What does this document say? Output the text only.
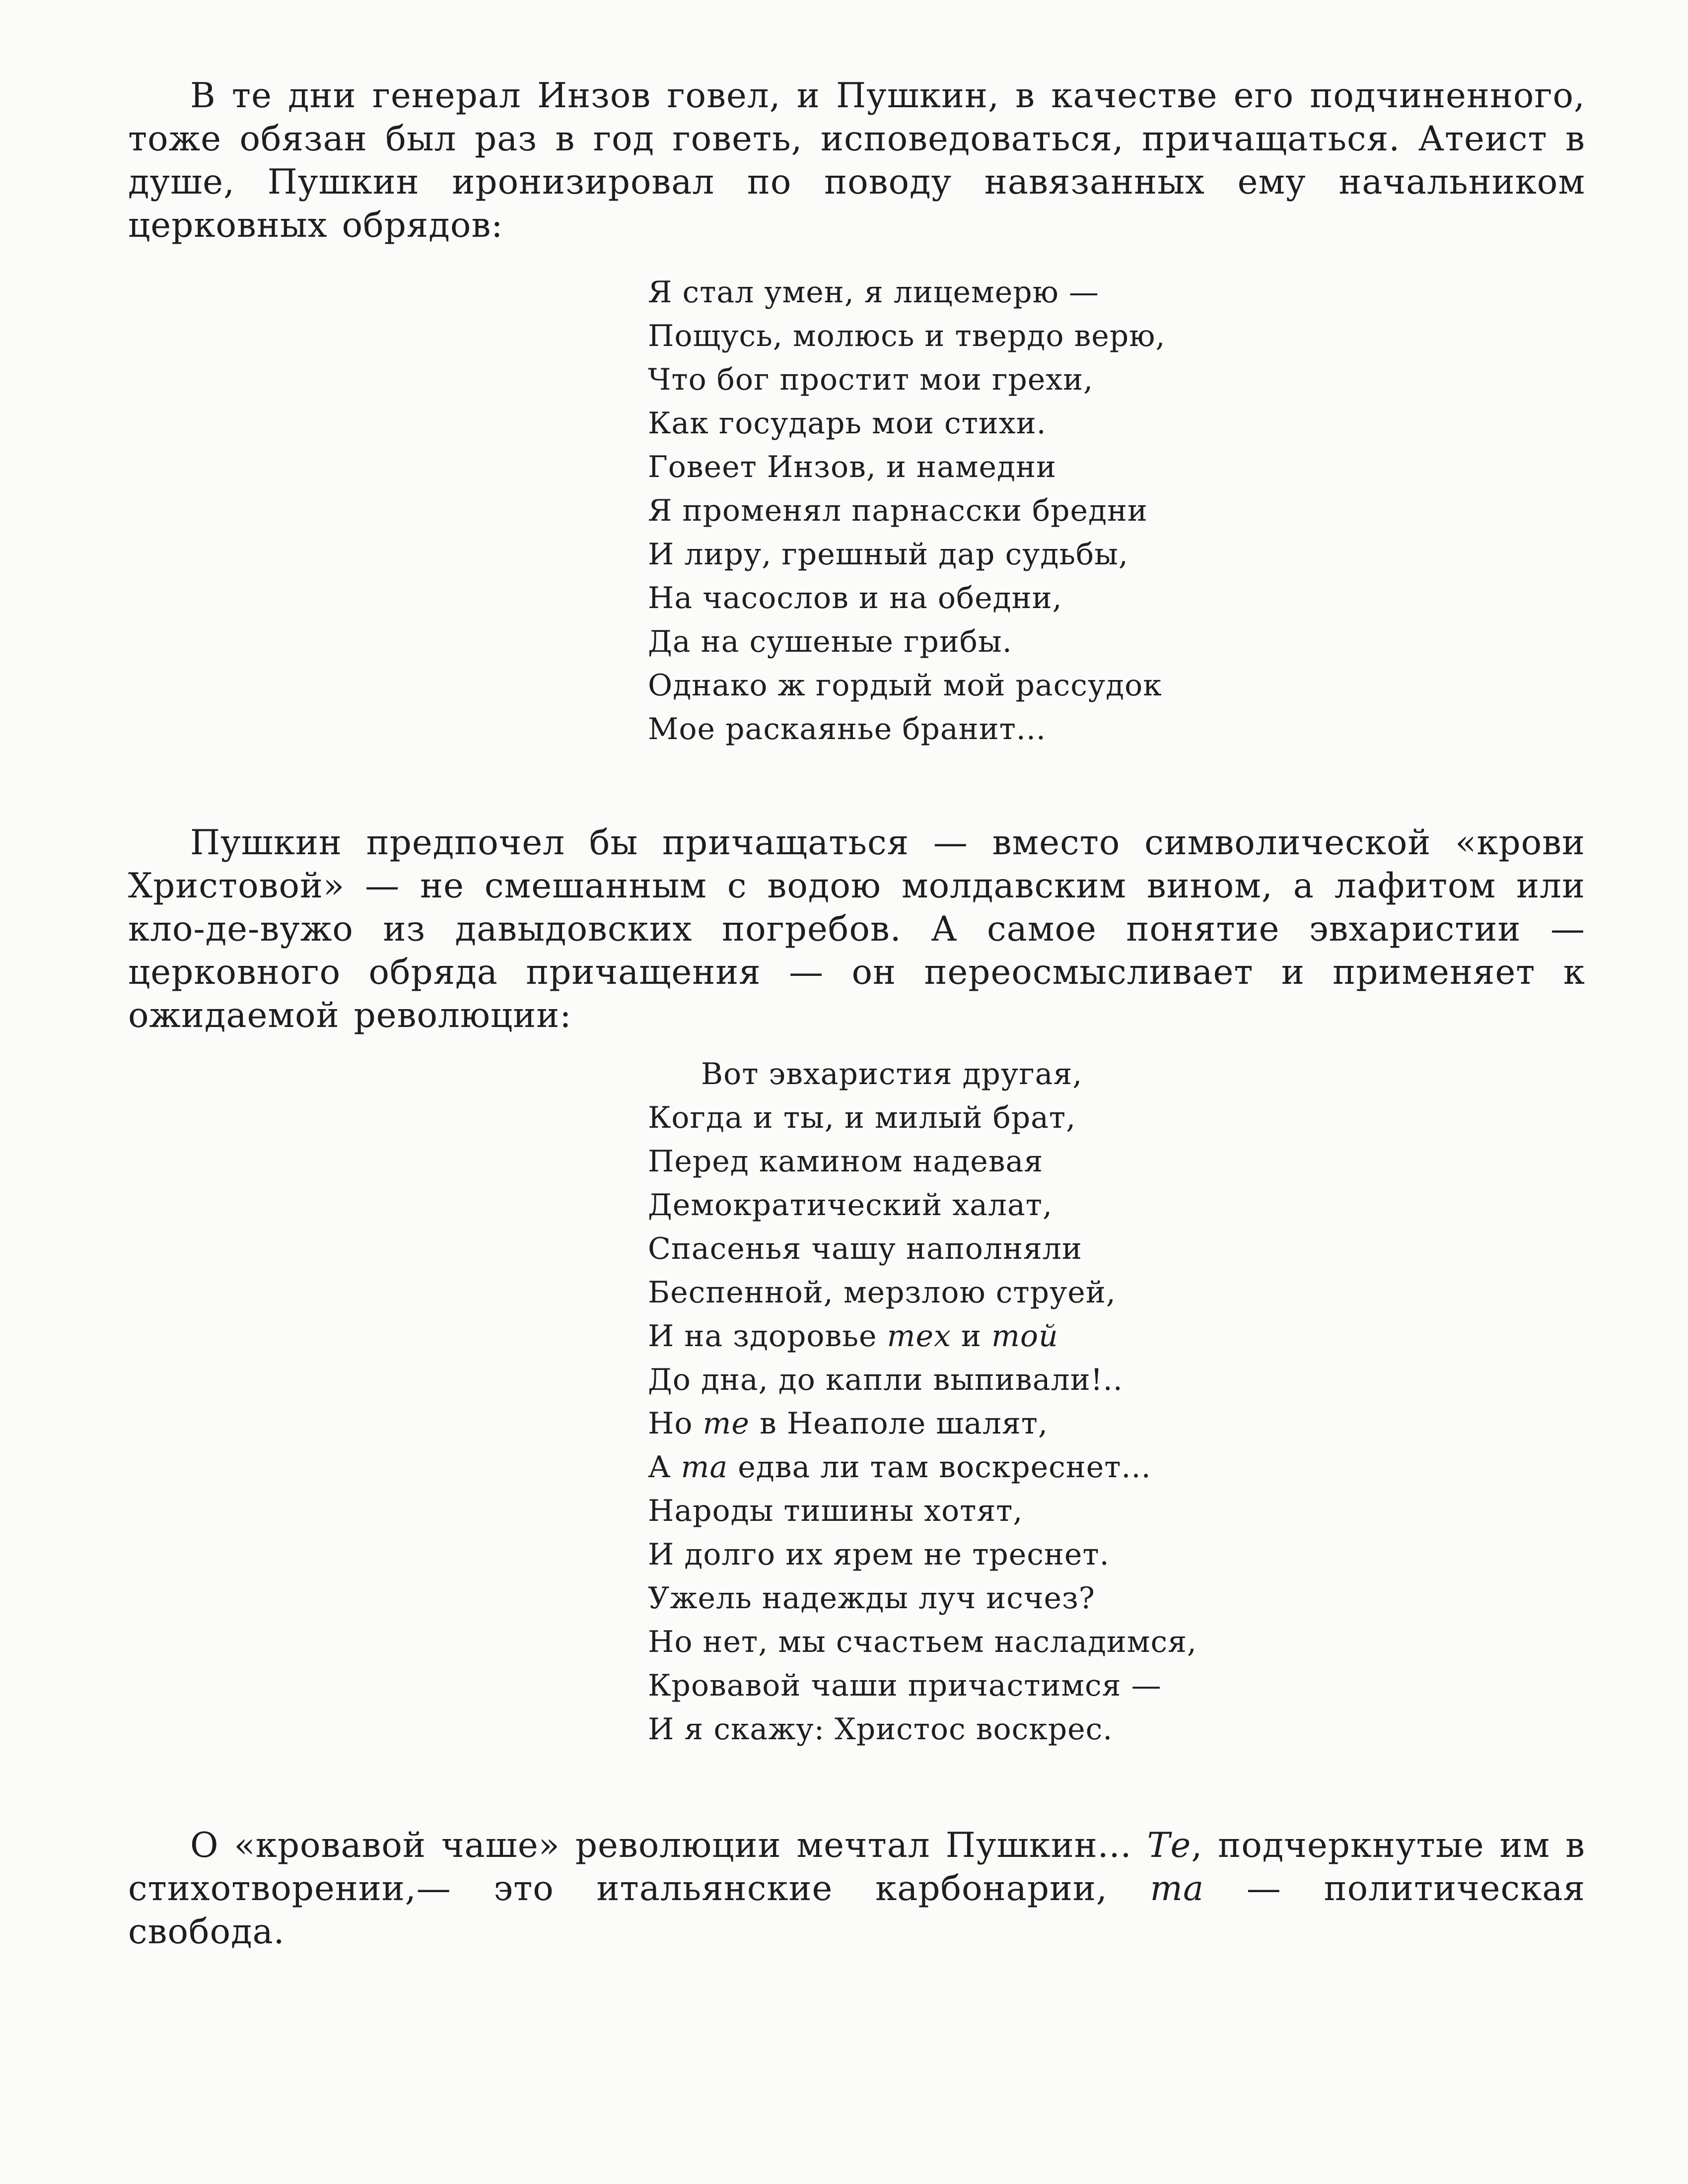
В те дни генерал Инзов говел, и Пушкин, в качестве его подчиненного, тоже обязан был раз в год говеть, исповедоваться, причащаться. Атеист в душе, Пушкин иронизировал по поводу навязанных ему начальником церковных обрядов:

Я стал умен, я лицемерю —
Пощусь, молюсь и твердо верю,
Что бог простит мои грехи,
Как государь мои стихи.
Говеет Инзов, и намедни
Я променял парнасски бредни
И лиру, грешный дар судьбы,
На часослов и на обедни,
Да на сушеные грибы.
Однако ж гордый мой рассудок
Мое раскаянье бранит...

Пушкин предпочел бы причащаться — вместо символической «крови Христовой» — не смешанным с водою молдавским вином, а лафитом или кло-де-вужо из давыдовских погребов. А самое понятие эвхаристии — церковного обряда причащения — он переосмысливает и применяет к ожидаемой революции:

Вот эвхаристия другая,
Когда и ты, и милый брат,
Перед камином надевая
Демократический халат,
Спасенья чашу наполняли
Беспенной, мерзлою струей,
И на здоровье тех и той
До дна, до капли выпивали!..
Но те в Неаполе шалят,
А та едва ли там воскреснет...
Народы тишины хотят,
И долго их ярем не треснет.
Ужель надежды луч исчез?
Но нет, мы счастьем насладимся,
Кровавой чаши причастимся —
И я скажу: Христос воскрес.

О «кровавой чаше» революции мечтал Пушкин... Те, подчеркнутые им в стихотворении,— это итальянские карбонарии, та — политическая свобода.
